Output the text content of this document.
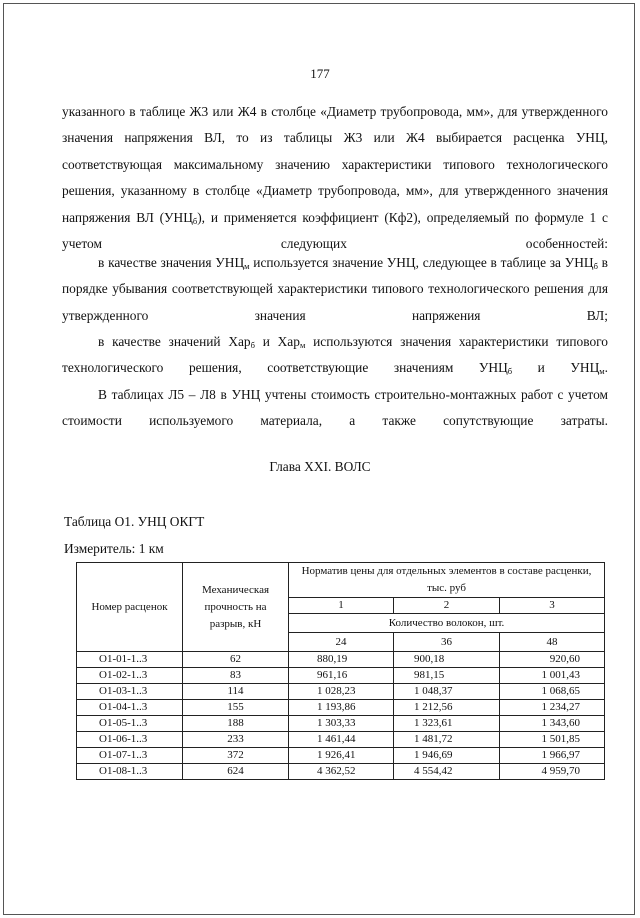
177

указанного в таблице Ж3 или Ж4 в столбце «Диаметр трубопровода, мм», для утвержденного значения напряжения ВЛ, то из таблицы Ж3 или Ж4 выбирается расценка УНЦ, соответствующая максимальному значению характеристики типового технологического решения, указанному в столбце «Диаметр трубопровода, мм», для утвержденного значения напряжения ВЛ $(УНЦ_б)$, и применяется коэффициент (Кф2), определяемый по формуле 1 с учетом следующих особенностей:

в качестве значения $УНЦ_м$ используется значение УНЦ, следующее в таблице за $УНЦ_б$ в порядке убывания соответствующей характеристики типового технологического решения для утвержденного значения напряжения ВЛ;

в качестве значений Хар$_б$ и Хар$_м$ используются значения характеристики типового технологического решения, соответствующие значениям $УНЦ_б$ и $УНЦ_м$.

В таблицах Л5 – Л8 в УНЦ учтены стоимость строительно-монтажных работ с учетом стоимости используемого материала, а также сопутствующие затраты.

Глава XXI. ВОЛС
Таблица О1. УНЦ ОКГТ
Измеритель: 1 км
Номер расценок	Механическая прочность на разрыв, кН	Норматив цены для отдельных элементов в составе расценки, тыс. руб		
		1	2	3
		Количество волокон, шт.		
		24	36	48
О1-01-1..3	62	880,19	900,18	920,60
О1-02-1..3	83	961,16	981,15	1 001,43
О1-03-1..3	114	1 028,23	1 048,37	1 068,65
О1-04-1..3	155	1 193,86	1 212,56	1 234,27
О1-05-1..3	188	1 303,33	1 323,61	1 343,60
О1-06-1..3	233	1 461,44	1 481,72	1 501,85
О1-07-1..3	372	1 926,41	1 946,69	1 966,97
О1-08-1..3	624	4 362,52	4 554,42	4 959,70
